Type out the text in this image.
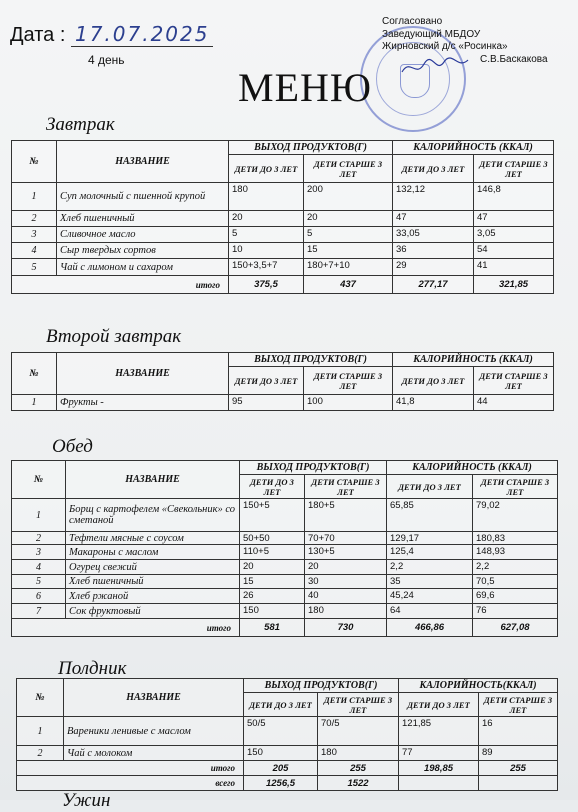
Дата : 17.07.2025
4 день
Согласовано
Заведующий МБДОУ
Жирновский д/с «Росинка»
С.В.Баскакова
МЕНЮ
Завтрак
№	НАЗВАНИЕ	ВЫХОД ПРОДУКТОВ(Г)		КАЛОРИЙНОСТЬ (ККАЛ)	
		ДЕТИ ДО 3 ЛЕТ	ДЕТИ СТАРШЕ 3 ЛЕТ	ДЕТИ ДО 3 ЛЕТ	ДЕТИ СТАРШЕ 3 ЛЕТ
1	Суп молочный с пшенной крупой	180	200	132,12	146,8
2	Хлеб пшеничный	20	20	47	47
3	Сливочное масло	5	5	33,05	3,05
4	Сыр твердых сортов	10	15	36	54
5	Чай с лимоном и сахаром	150+3,5+7	180+7+10	29	41
итого		375,5	437	277,17	321,85
Второй завтрак
№	НАЗВАНИЕ	ВЫХОД ПРОДУКТОВ(Г)		КАЛОРИЙНОСТЬ (ККАЛ)	
		ДЕТИ ДО 3 ЛЕТ	ДЕТИ СТАРШЕ 3 ЛЕТ	ДЕТИ ДО 3 ЛЕТ	ДЕТИ СТАРШЕ 3 ЛЕТ
1	Фрукты -	95	100	41,8	44
Обед
№	НАЗВАНИЕ	ВЫХОД ПРОДУКТОВ(Г)		КАЛОРИЙНОСТЬ (ККАЛ)	
		ДЕТИ ДО 3 ЛЕТ	ДЕТИ СТАРШЕ 3 ЛЕТ	ДЕТИ ДО 3 ЛЕТ	ДЕТИ СТАРШЕ 3 ЛЕТ
1	Борщ с картофелем «Свекольник» со сметаной	150+5	180+5	65,85	79,02
2	Тефтели мясные с соусом	50+50	70+70	129,17	180,83
3	Макароны с маслом	110+5	130+5	125,4	148,93
4	Огурец свежий	20	20	2,2	2,2
5	Хлеб пшеничный	15	30	35	70,5
6	Хлеб ржаной	26	40	45,24	69,6
7	Сок фруктовый	150	180	64	76
итого		581	730	466,86	627,08
Полдник
№	НАЗВАНИЕ	ВЫХОД ПРОДУКТОВ(Г)		КАЛОРИЙНОСТЬ(ККАЛ)	
		ДЕТИ ДО 3 ЛЕТ	ДЕТИ СТАРШЕ 3 ЛЕТ	ДЕТИ ДО 3 ЛЕТ	ДЕТИ СТАРШЕ 3 ЛЕТ
1	Вареники ленивые с маслом	50/5	70/5	121,85	16
2	Чай с молоком	150	180	77	89
итого		205	255	198,85	255
всего		1256,5	1522		
Ужин
